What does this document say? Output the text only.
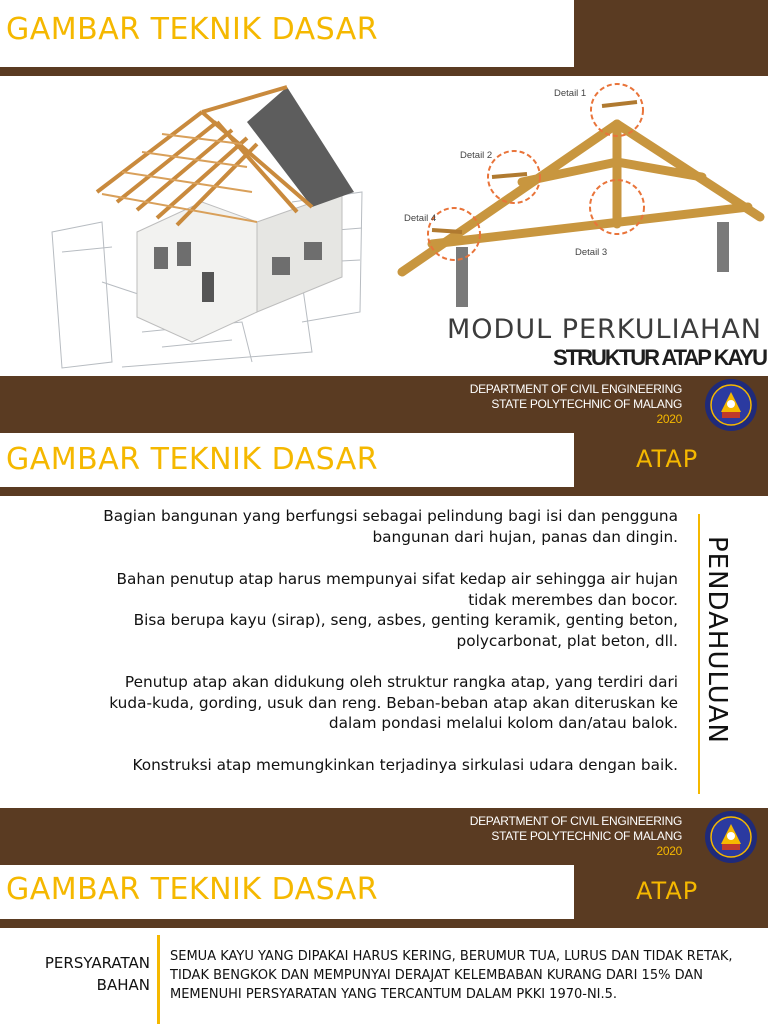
GAMBAR TEKNIK DASAR
Detail 1
Detail 2
Detail 3
Detail 4
MODUL PERKULIAHAN
STRUKTUR ATAP KAYU
DEPARTMENT OF CIVIL ENGINEERING
STATE POLYTECHNIC OF MALANG
2020
GAMBAR TEKNIK DASAR	ATAP
Bagian bangunan yang berfungsi sebagai pelindung bagi isi dan pengguna bangunan dari hujan, panas dan dingin.
Bahan penutup atap harus mempunyai sifat kedap air sehingga air hujan tidak merembes dan bocor.
Bisa berupa kayu (sirap), seng, asbes, genting keramik, genting beton, polycarbonat, plat beton, dll.
Penutup atap akan didukung oleh struktur rangka atap, yang terdiri dari kuda-kuda, gording, usuk dan reng. Beban-beban atap akan diteruskan ke dalam pondasi melalui kolom dan/atau balok.
Konstruksi atap memungkinkan terjadinya sirkulasi udara dengan baik.
PENDAHULUAN
DEPARTMENT OF CIVIL ENGINEERING
STATE POLYTECHNIC OF MALANG
2020
GAMBAR TEKNIK DASAR	ATAP
PERSYARATAN
BAHAN
SEMUA KAYU YANG DIPAKAI HARUS KERING, BERUMUR TUA, LURUS DAN TIDAK RETAK, TIDAK BENGKOK DAN MEMPUNYAI DERAJAT KELEMBABAN KURANG DARI 15% DAN MEMENUHI PERSYARATAN YANG TERCANTUM DALAM PKKI 1970-NI.5.
